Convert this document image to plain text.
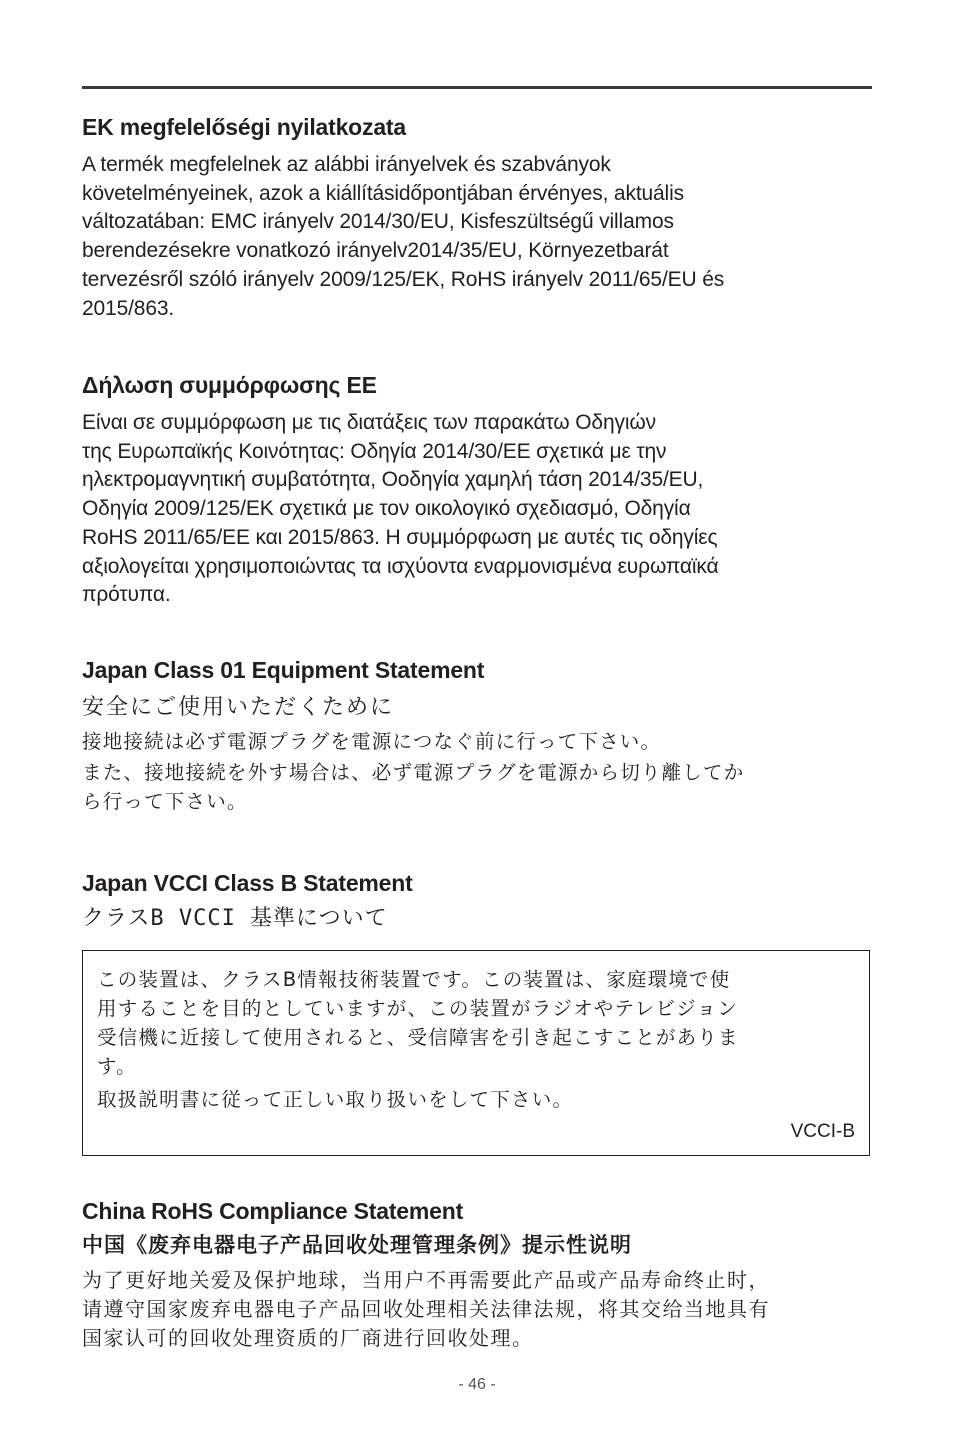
EK megfelelőségi nyilatkozata

A termék megfelelnek az alábbi irányelvek és szabványok
követelményeinek, azok a kiállításidőpontjában érvényes, aktuális
változatában: EMC irányelv 2014/30/EU, Kisfeszültségű villamos
berendezésekre vonatkozó irányelv2014/35/EU, Környezetbarát
tervezésről szóló irányelv 2009/125/EK, RoHS irányelv 2011/65/EU és
2015/863.

Δήλωση συμμόρφωσης ΕΕ

Είναι σε συμμόρφωση με τις διατάξεις των παρακάτω Οδηγιών
της Ευρωπαϊκής Κοινότητας: Οδηγία 2014/30/ΕΕ σχετικά με την
ηλεκτρομαγνητική συμβατότητα, Οοδηγία χαμηλή τάση 2014/35/EU,
Οδηγία 2009/125/ΕΚ σχετικά με τον οικολογικό σχεδιασμό, Οδηγία
RoHS 2011/65/ΕΕ και 2015/863. Η συμμόρφωση με αυτές τις οδηγίες
αξιολογείται χρησιμοποιώντας τα ισχύοντα εναρμονισμένα ευρωπαϊκά
πρότυπα.

Japan Class 01 Equipment Statement

安全にご使用いただくために

接地接続は必ず電源プラグを電源につなぐ前に行って下さい。

また、接地接続を外す場合は、必ず電源プラグを電源から切り離してか
ら行って下さい。

Japan VCCI Class B Statement

クラスB VCCI 基準について

この装置は、クラスB情報技術装置です。この装置は、家庭環境で使
用することを目的としていますが、この装置がラジオやテレビジョン
受信機に近接して使用されると、受信障害を引き起こすことがありま
す。

取扱説明書に従って正しい取り扱いをして下さい。

VCCI-B
China RoHS Compliance Statement

中国《废弃电器电子产品回收处理管理条例》提示性说明

为了更好地关爱及保护地球，当用户不再需要此产品或产品寿命终止时，
请遵守国家废弃电器电子产品回收处理相关法律法规，将其交给当地具有
国家认可的回收处理资质的厂商进行回收处理。

- 46 -
